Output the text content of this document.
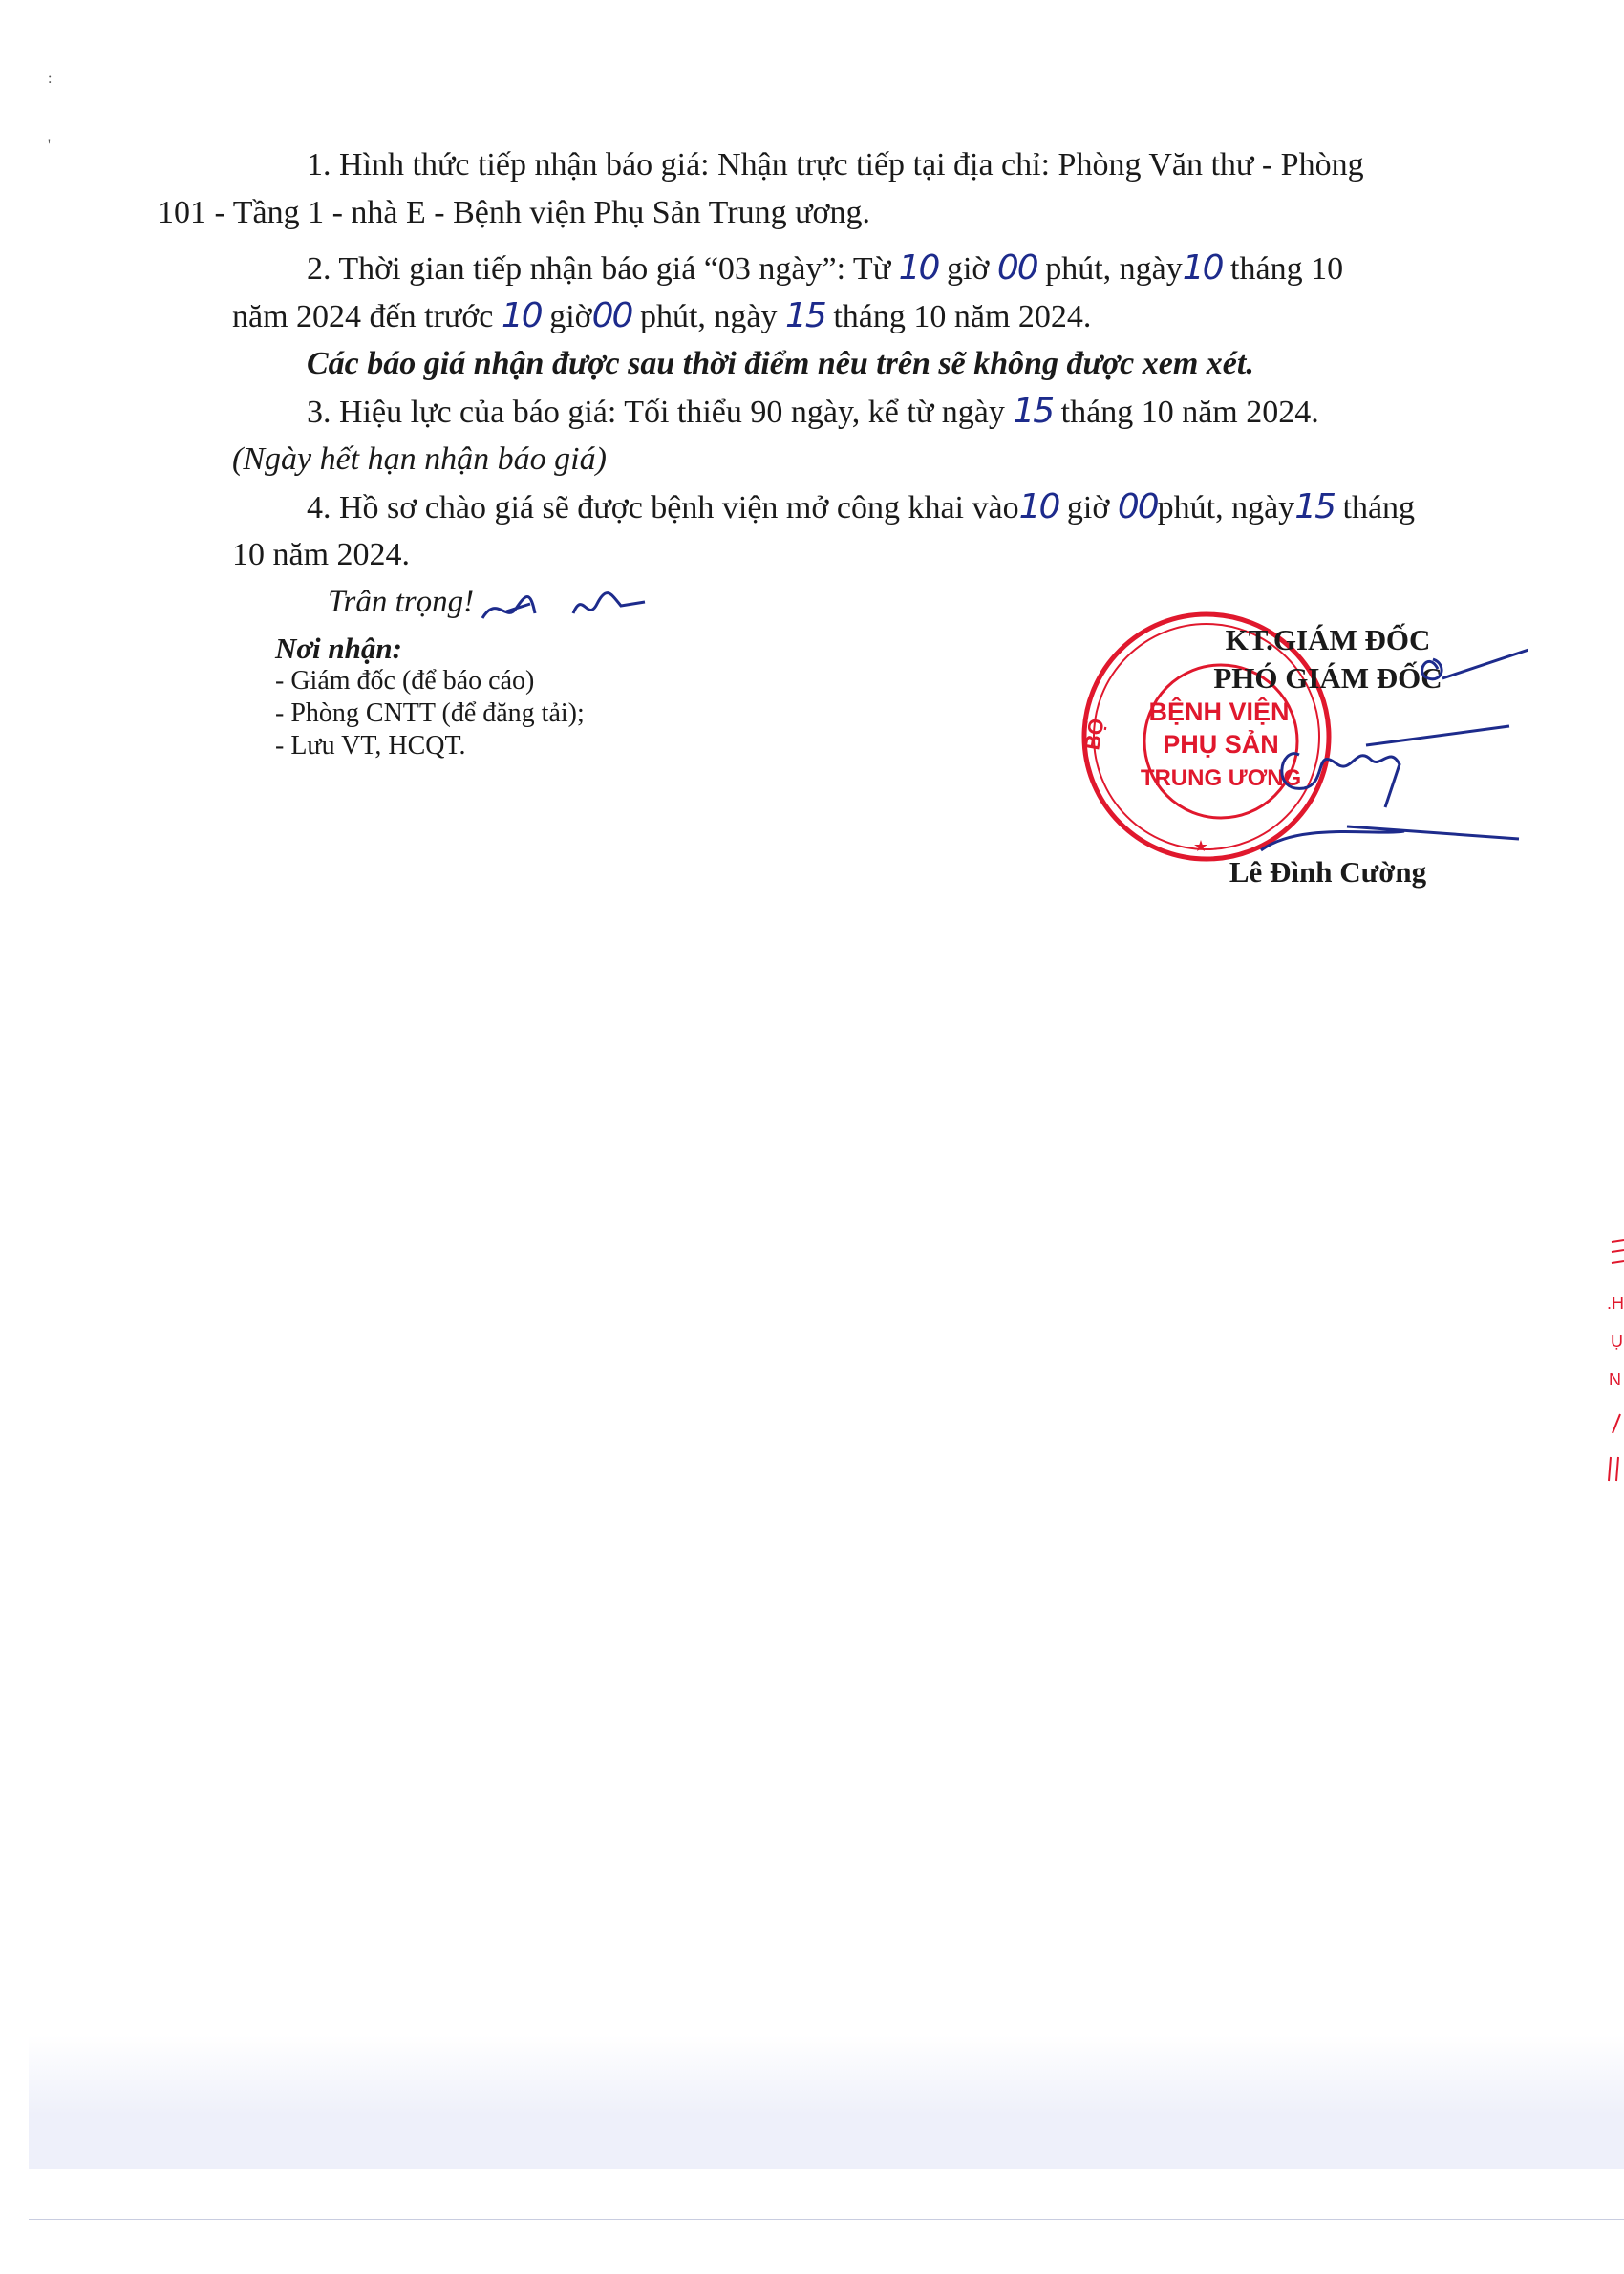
:
'

1. Hình thức tiếp nhận báo giá: Nhận trực tiếp tại địa chỉ: Phòng Văn thư - Phòng
101 - Tầng 1 - nhà E - Bệnh viện Phụ Sản Trung ương.

2. Thời gian tiếp nhận báo giá “03 ngày”: Từ 10 giờ 00 phút, ngày10 tháng 10

năm 2024 đến trước 10 giờ00 phút, ngày 15 tháng 10 năm 2024.

Các báo giá nhận được sau thời điểm nêu trên sẽ không được xem xét.

3. Hiệu lực của báo giá: Tối thiểu 90 ngày, kể từ ngày 15 tháng 10 năm 2024.

(Ngày hết hạn nhận báo giá)

4. Hồ sơ chào giá sẽ được bệnh viện mở công khai vào10 giờ 00phút, ngày15 tháng

10 năm 2024.

Trân trọng!
Nơi nhận:
- Giám đốc (để báo cáo)
- Phòng CNTT (để đăng tải);
- Lưu VT, HCQT.	BỘ
BỆNH VIỆN
PHỤ SẢN
TRUNG ƯƠNG
KT.GIÁM ĐỐC
PHÓ GIÁM ĐỐC
Lê Đình Cường
.H
Ụ
N
